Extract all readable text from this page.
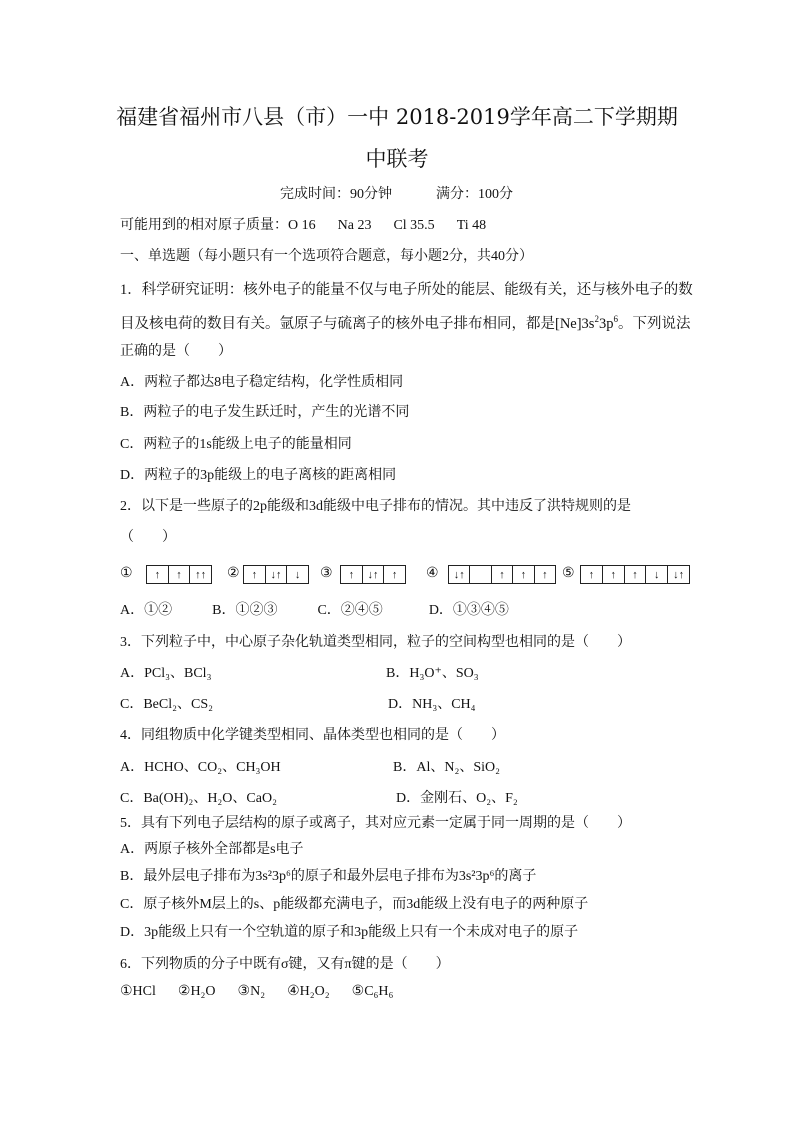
福建省福州市八县（市）一中 2018-2019学年高二下学期期
中联考
完成时间：90分钟	满分：100分
可能用到的相对原子质量：O 16 Na 23 Cl 35.5 Ti 48
一、单选题（每小题只有一个选项符合题意，每小题2分，共40分）
1．科学研究证明：核外电子的能量不仅与电子所处的能层、能级有关，还与核外电子的数
目及核电荷的数目有关。氩原子与硫离子的核外电子排布相同，都是$[Ne]3s^23p^6$。下列说法
正确的是（　　）
A．两粒子都达8电子稳定结构，化学性质相同
B．两粒子的电子发生跃迁时，产生的光谱不同
C．两粒子的1s能级上电子的能量相同
D．两粒子的3p能级上的电子离核的距离相同
2．以下是一些原子的2p能级和3d能级中电子排布的情况。其中违反了洪特规则的是
（　　）
①	↑	↑	↑↑	②	↑	↓↑	↓	③	↑	↓↑	↑	④	↓↑	↑	↑	↑	⑤	↑	↑	↑	↓	↓↑
A．①②	B．①②③	C．②④⑤	D．①③④⑤
3．下列粒子中，中心原子杂化轨道类型相同，粒子的空间构型也相同的是（　　）
A．PCl₃、BCl₃	B．H₃O⁺、SO₃
C．BeCl₂、CS₂	D．NH₃、CH₄
4．同组物质中化学键类型相同、晶体类型也相同的是（　　）
A．HCHO、CO₂、CH₃OH	B．Al、N₂、SiO₂
C．Ba(OH)₂、H₂O、CaO₂	D．金刚石、O₂、F₂
5．具有下列电子层结构的原子或离子，其对应元素一定属于同一周期的是（　　）
A．两原子核外全部都是s电子
B．最外层电子排布为3s²3p⁶的原子和最外层电子排布为3s²3p⁶的离子
C．原子核外M层上的s、p能级都充满电子，而3d能级上没有电子的两种原子
D．3p能级上只有一个空轨道的原子和3p能级上只有一个未成对电子的原子
6．下列物质的分子中既有σ键，又有π键的是（　　）
①HCl ②H₂O ③N₂ ④H₂O₂ ⑤C₆H₆
